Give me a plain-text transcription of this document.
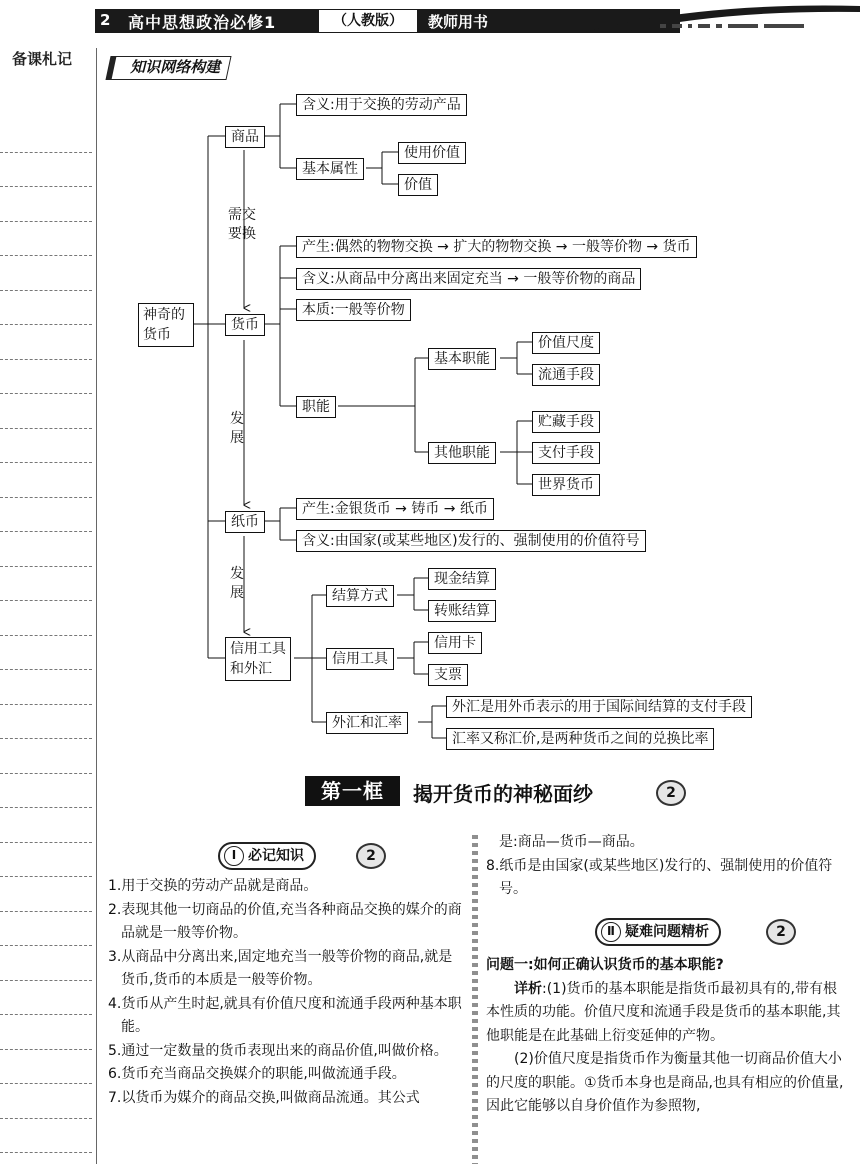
2 高中思想政治必修1	（人教版）	教师用书
备课札记	知识网络构建
神奇的货币
商品
含义:用于交换的劳动产品
基本属性
使用价值
价值
需交要换
货币
产生:偶然的物物交换 → 扩大的物物交换 → 一般等价物 → 货币
含义:从商品中分离出来固定充当 → 一般等价物的商品
本质:一般等价物
职能
基本职能
价值尺度
流通手段
其他职能
贮藏手段
支付手段
世界货币
发展
纸币
产生:金银货币 → 铸币 → 纸币
含义:由国家(或某些地区)发行的、强制使用的价值符号
发展
信用工具
和外汇
结算方式
现金结算
转账结算
信用工具
信用卡
支票
外汇和汇率
外汇是用外币表示的用于国际间结算的支付手段
汇率又称汇价,是两种货币之间的兑换比率
第一框	揭开货币的神秘面纱	2
Ⅰ 必记知识	2

1.用于交换的劳动产品就是商品。

2.表现其他一切商品的价值,充当各种商品交换的媒介的商品就是一般等价物。

3.从商品中分离出来,固定地充当一般等价物的商品,就是货币,货币的本质是一般等价物。

4.货币从产生时起,就具有价值尺度和流通手段两种基本职能。

5.通过一定数量的货币表现出来的商品价值,叫做价格。

6.货币充当商品交换媒介的职能,叫做流通手段。

7.以货币为媒介的商品交换,叫做商品流通。其公式

是:商品—货币—商品。

8.纸币是由国家(或某些地区)发行的、强制使用的价值符号。

Ⅱ 疑难问题精析	2

问题一:如何正确认识货币的基本职能?

详析:(1)货币的基本职能是指货币最初具有的,带有根本性质的功能。价值尺度和流通手段是货币的基本职能,其他职能是在此基础上衍变延伸的产物。

(2)价值尺度是指货币作为衡量其他一切商品价值大小的尺度的职能。①货币本身也是商品,也具有相应的价值量,因此它能够以自身价值作为参照物,
